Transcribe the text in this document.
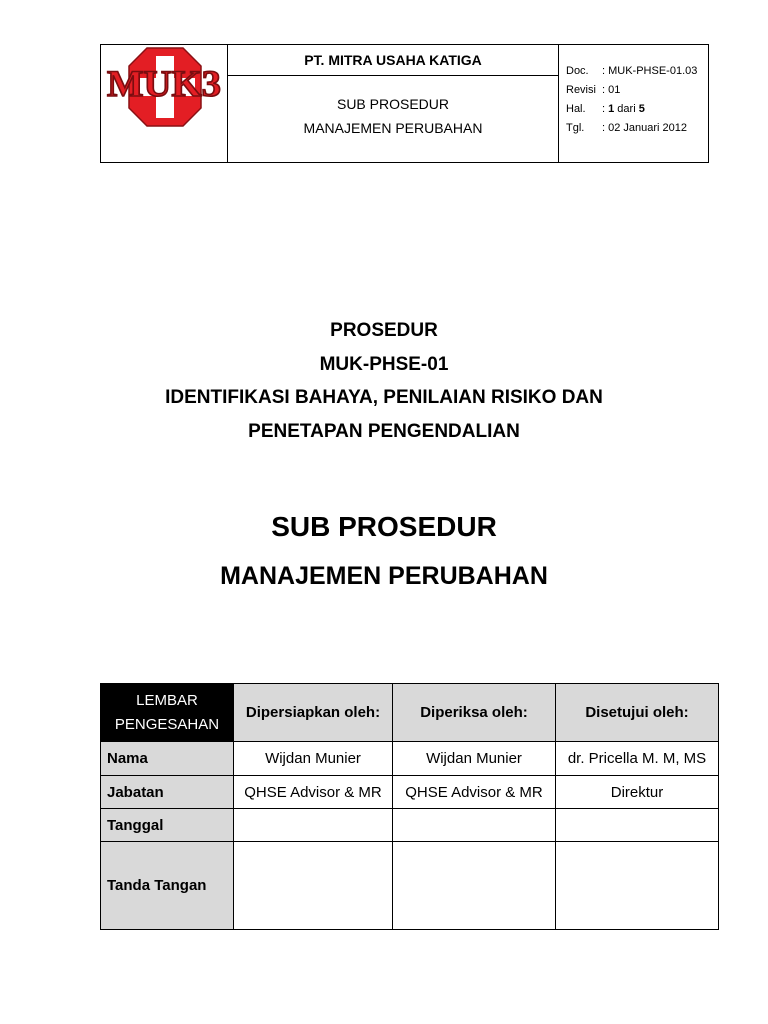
MUK3
PT. MITRA USAHA KATIGA
SUB PROSEDUR
MANAJEMEN PERUBAHAN
Doc. : MUK-PHSE-01.03
Revisi : 01
Hal. : 1 dari 5
Tgl. : 02 Januari 2012
PROSEDUR
MUK-PHSE-01
IDENTIFIKASI BAHAYA, PENILAIAN RISIKO DAN
PENETAPAN PENGENDALIAN
SUB PROSEDUR
MANAJEMEN PERUBAHAN
LEMBAR
PENGESAHAN	Dipersiapkan oleh:	Diperiksa oleh:	Disetujui oleh:
Nama	Wijdan Munier	Wijdan Munier	dr. Pricella M. M, MS
Jabatan	QHSE Advisor & MR	QHSE Advisor & MR	Direktur
Tanggal			
Tanda Tangan			
